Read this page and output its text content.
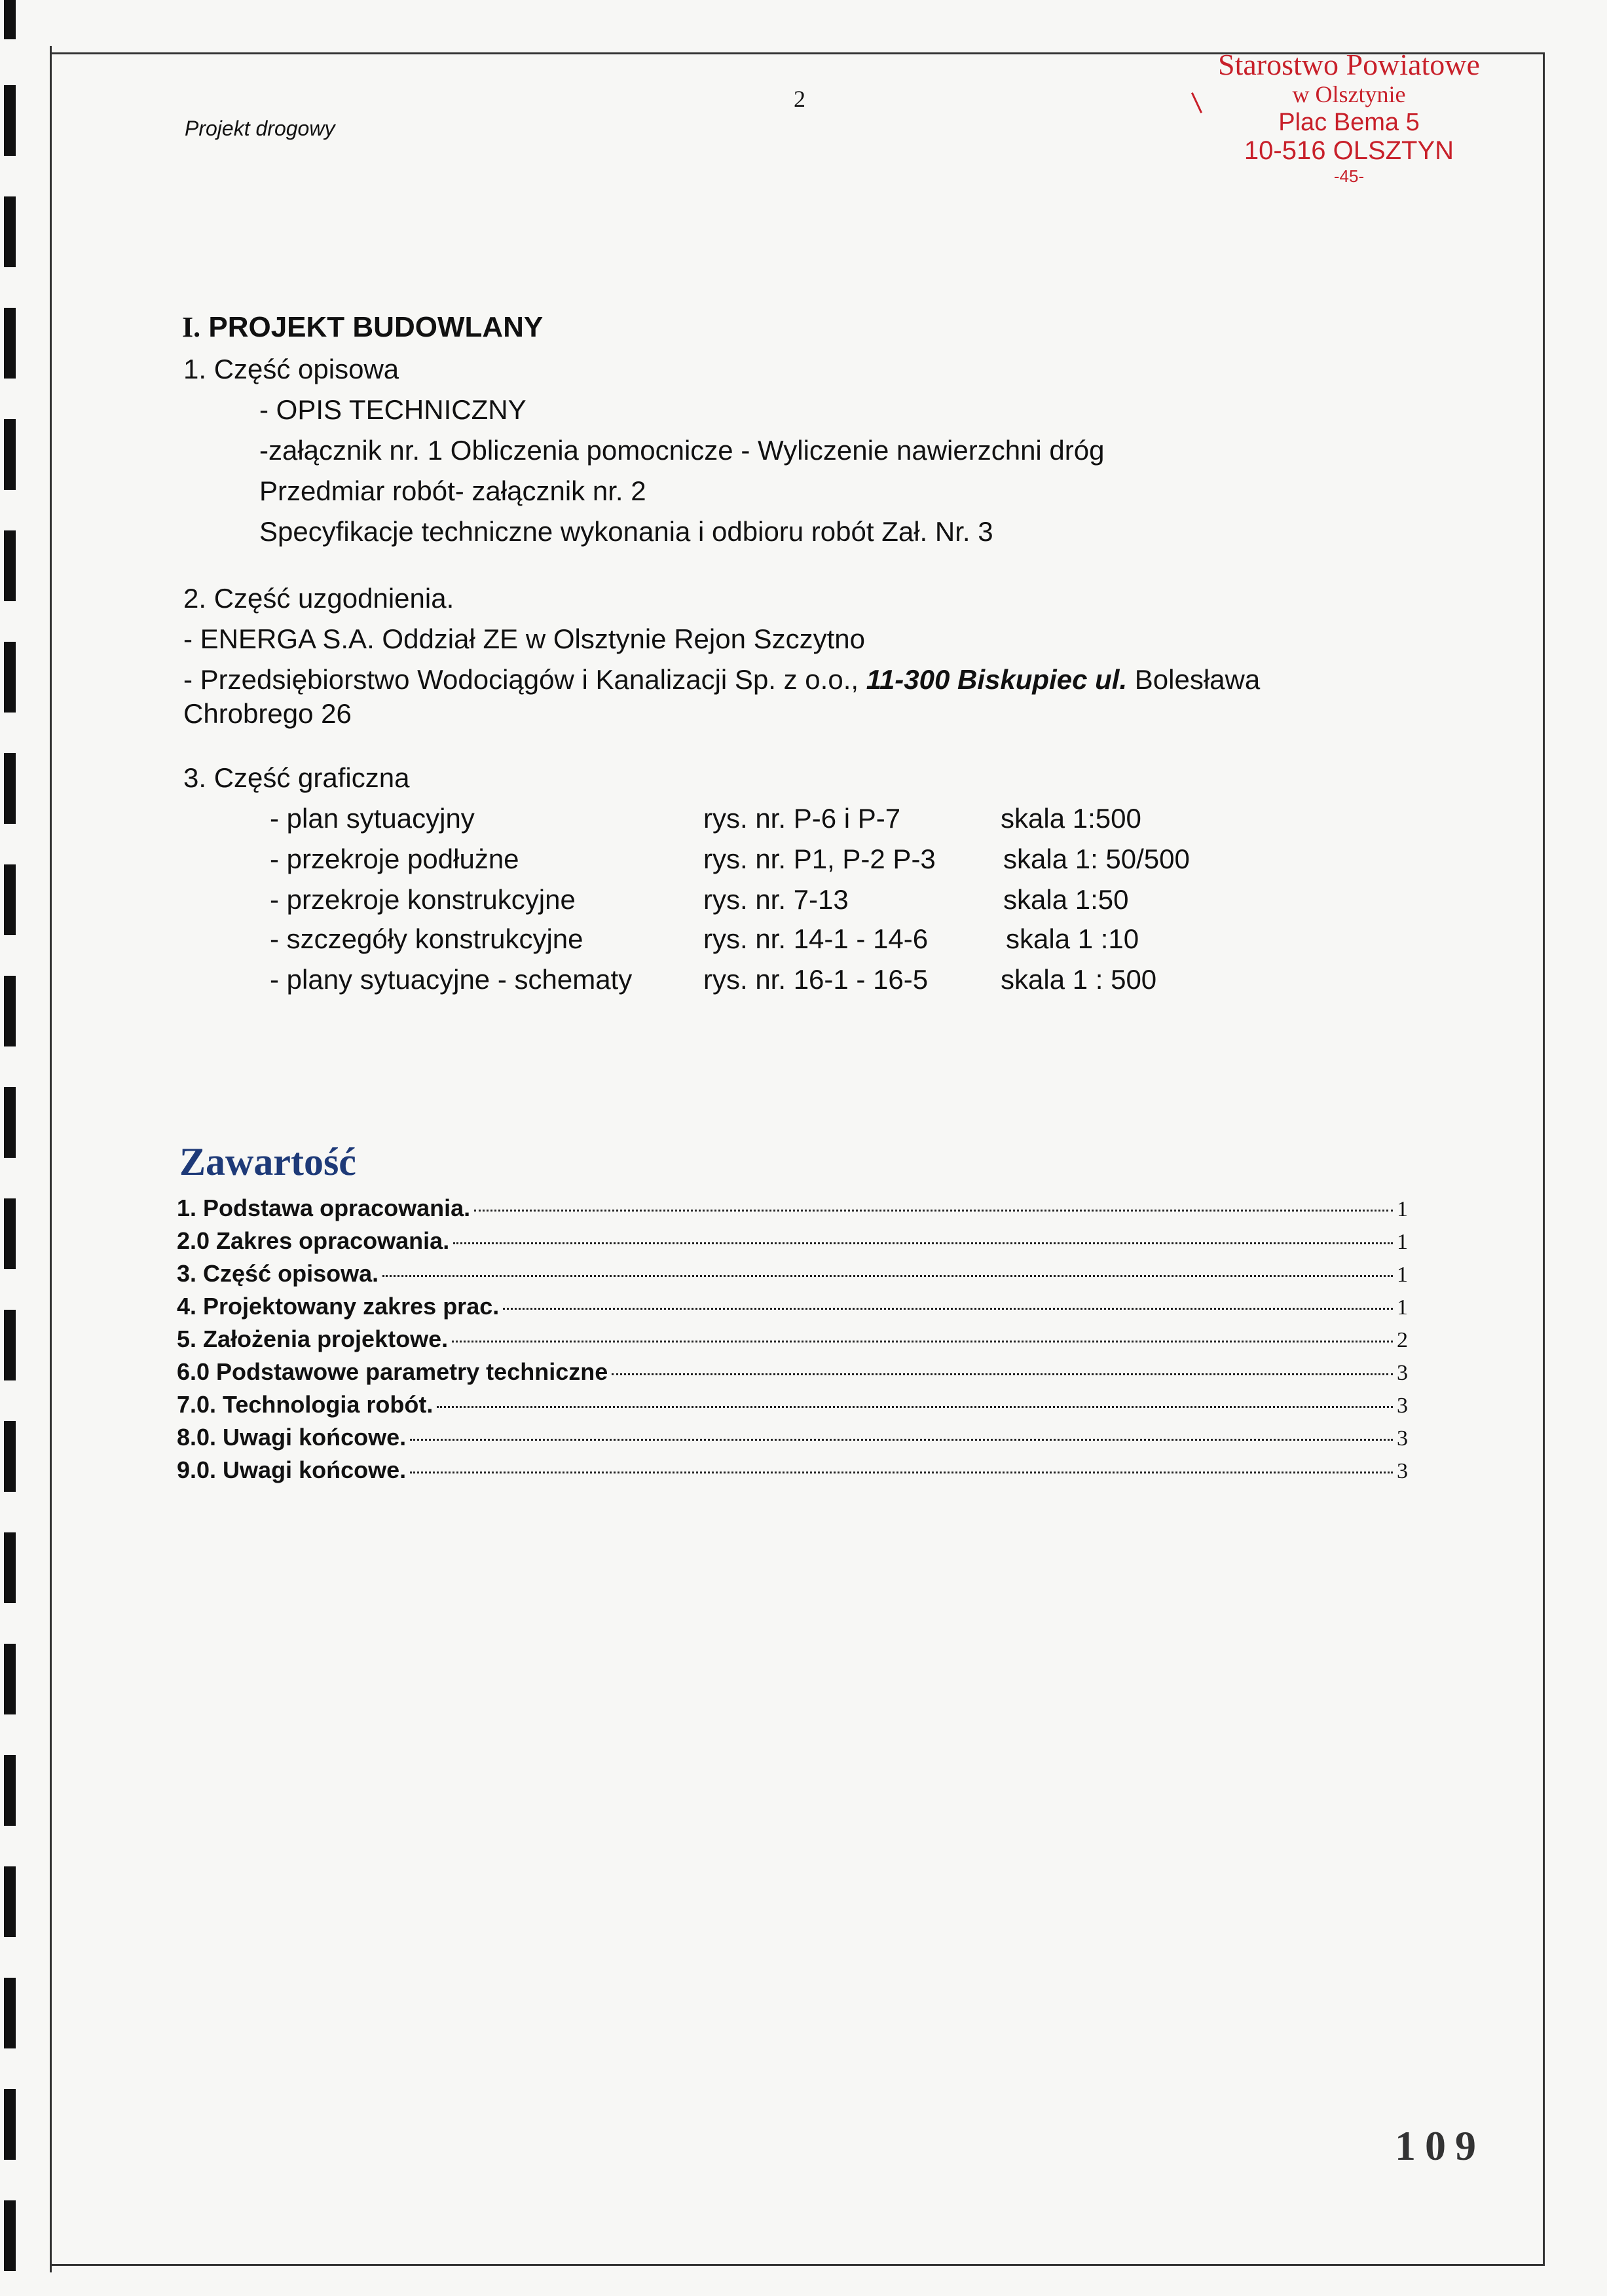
Projekt drogowy
2
Starostwo Powiatowe
w Olsztynie
Plac Bema 5
10-516 OLSZTYN
-45-
I. PROJEKT BUDOWLANY
1. Część opisowa
- OPIS TECHNICZNY
-załącznik nr. 1 Obliczenia pomocnicze - Wyliczenie nawierzchni dróg
Przedmiar robót- załącznik nr. 2
Specyfikacje techniczne wykonania i odbioru robót Zał. Nr. 3
2. Część uzgodnienia.
- ENERGA S.A. Oddział ZE w Olsztynie Rejon Szczytno
- Przedsiębiorstwo Wodociągów i Kanalizacji Sp. z o.o., 11-300 Biskupiec ul. Bolesława
Chrobrego 26
3. Część graficzna
- plan sytuacyjny	rys. nr. P-6 i P-7	skala 1:500
- przekroje podłużne	rys. nr. P1, P-2 P-3 skala 1: 50/500
- przekroje konstrukcyjne	rys. nr. 7-13	skala 1:50
- szczegóły konstrukcyjne	rys. nr. 14-1 - 14-6	skala 1 :10
- plany sytuacyjne - schematy	rys. nr. 16-1 - 16-5	skala 1 : 500
Zawartość
1. Podstawa opracowania.	1
2.0 Zakres opracowania.	1
3. Część opisowa.	1
4. Projektowany zakres prac.	1
5. Założenia projektowe.	2
6.0 Podstawowe parametry techniczne	3
7.0. Technologia robót.	3
8.0. Uwagi końcowe.	3
9.0. Uwagi końcowe.	3
109
